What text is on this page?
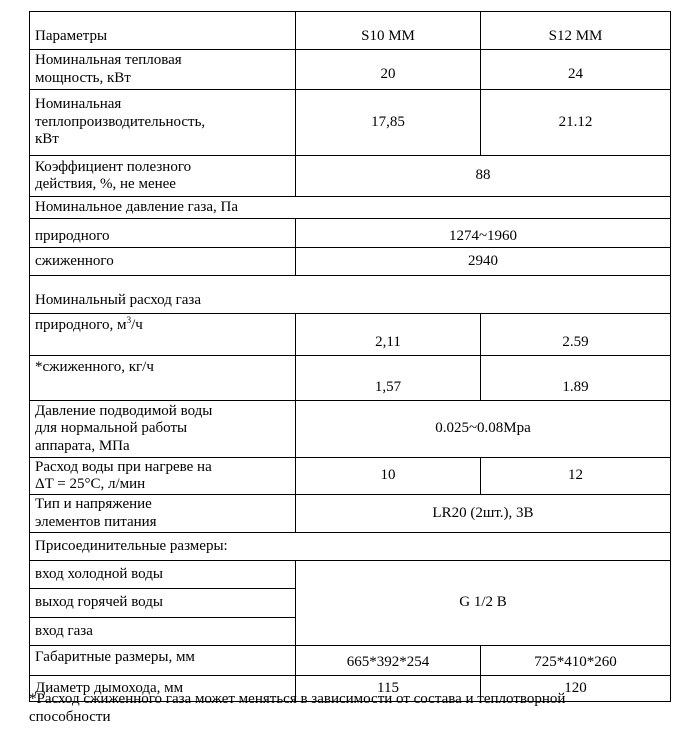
Параметры	S10 MM	S12 MM
Номинальная тепловая
мощность, кВт	20	24
Номинальная
теплопроизводительность,
кВт	17,85	21.12
Коэффициент полезного
действия, %, не менее	88	
Номинальное давление газа, Па		

природного	1274~1960	
сжиженного	2940	
Номинальный расход газа		
природного, $м^3/ч$	2,11	2.59
*сжиженного, кг/ч	1,57	1.89
Давление подводимой воды
для нормальной работы
аппарата, МПа	0.025~0.08Mpa	
Расход воды при нагреве на
ΔT = 25°C, л/мин	10	12
Тип и напряжение
элементов питания	LR20 (2шт.), 3В	
Присоединительные размеры:		
вход холодной воды	G 1/2 B	
выход горячей воды		
вход газа		
Габаритные размеры, мм	665*392*254	725*410*260
Диаметр дымохода, мм	115	120

*Расход сжиженного газа может меняться в зависимости от состава и теплотворной
способности
